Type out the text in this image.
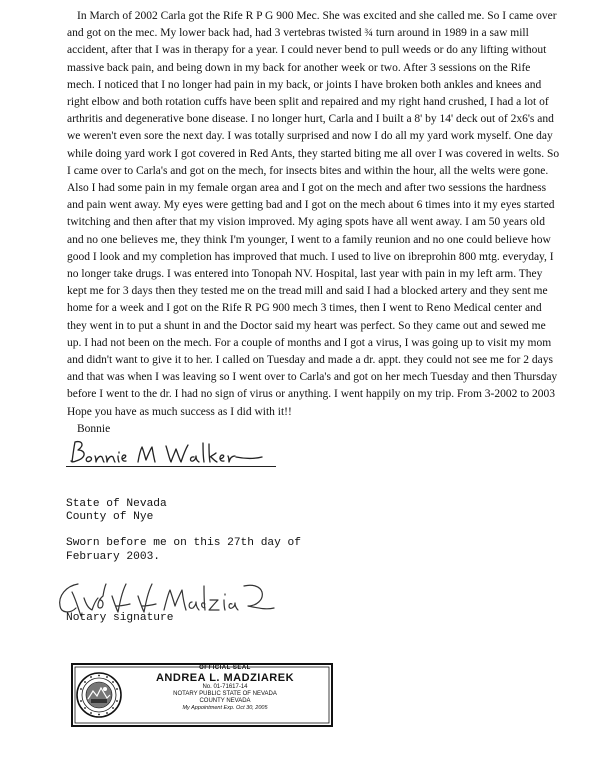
In March of 2002 Carla got the Rife R P G 900 Mec. She was excited and she called me. So I came over and got on the mec. My lower back had, had 3 vertebras twisted ¾ turn around in 1989 in a saw mill accident, after that I was in therapy for a year. I could never bend to pull weeds or do any lifting without massive back pain, and being down in my back for another week or two. After 3 sessions on the Rife mech. I noticed that I no longer had pain in my back, or joints I have broken both ankles and knees and right elbow and both rotation cuffs have been split and repaired and my right hand crushed, I had a lot of arthritis and degenerative bone disease. I no longer hurt, Carla and I built a 8' by 14' deck out of 2x6's and we weren't even sore the next day. I was totally surprised and now I do all my yard work myself. One day while doing yard work I got covered in Red Ants, they started biting me all over I was covered in welts. So I came over to Carla's and got on the mech, for insects bites and within the hour, all the welts were gone. Also I had some pain in my female organ area and I got on the mech and after two sessions the hardness and pain went away. My eyes were getting bad and I got on the mech about 6 times into it my eyes started twitching and then after that my vision improved. My aging spots have all went away. I am 50 years old and no one believes me, they think I'm younger, I went to a family reunion and no one could believe how good I look and my completion has improved that much. I used to live on ibreprohin 800 mtg. everyday, I no longer take drugs. I was entered into Tonopah NV. Hospital, last year with pain in my left arm. They kept me for 3 days then they tested me on the tread mill and said I had a blocked artery and they sent me home for a week and I got on the Rife R PG 900 mech 3 times, then I went to Reno Medical center and they went in to put a shunt in and the Doctor said my heart was perfect. So they came out and sewed me up. I had not been on the mech. For a couple of months and I got a virus, I was going up to visit my mom and didn't want to give it to her. I called on Tuesday and made a dr. appt. they could not see me for 2 days and that was when I was leaving so I went over to Carla's and got on her mech Tuesday and then Thursday before I went to the dr. I had no sign of virus or anything. I went happily on my trip. From 3-2002 to 2003 Hope you have as much success as I did with it!!

Bonnie

State of Nevada

County of Nye

Sworn before me on this 27th day of

February 2003.

Notary signature
OFFICIAL SEAL
ANDREA L. MADZIAREK
No. 01-71617-14
NOTARY PUBLIC STATE OF NEVADA
COUNTY NEVADA
My Appointment Exp. Oct 30, 2005
